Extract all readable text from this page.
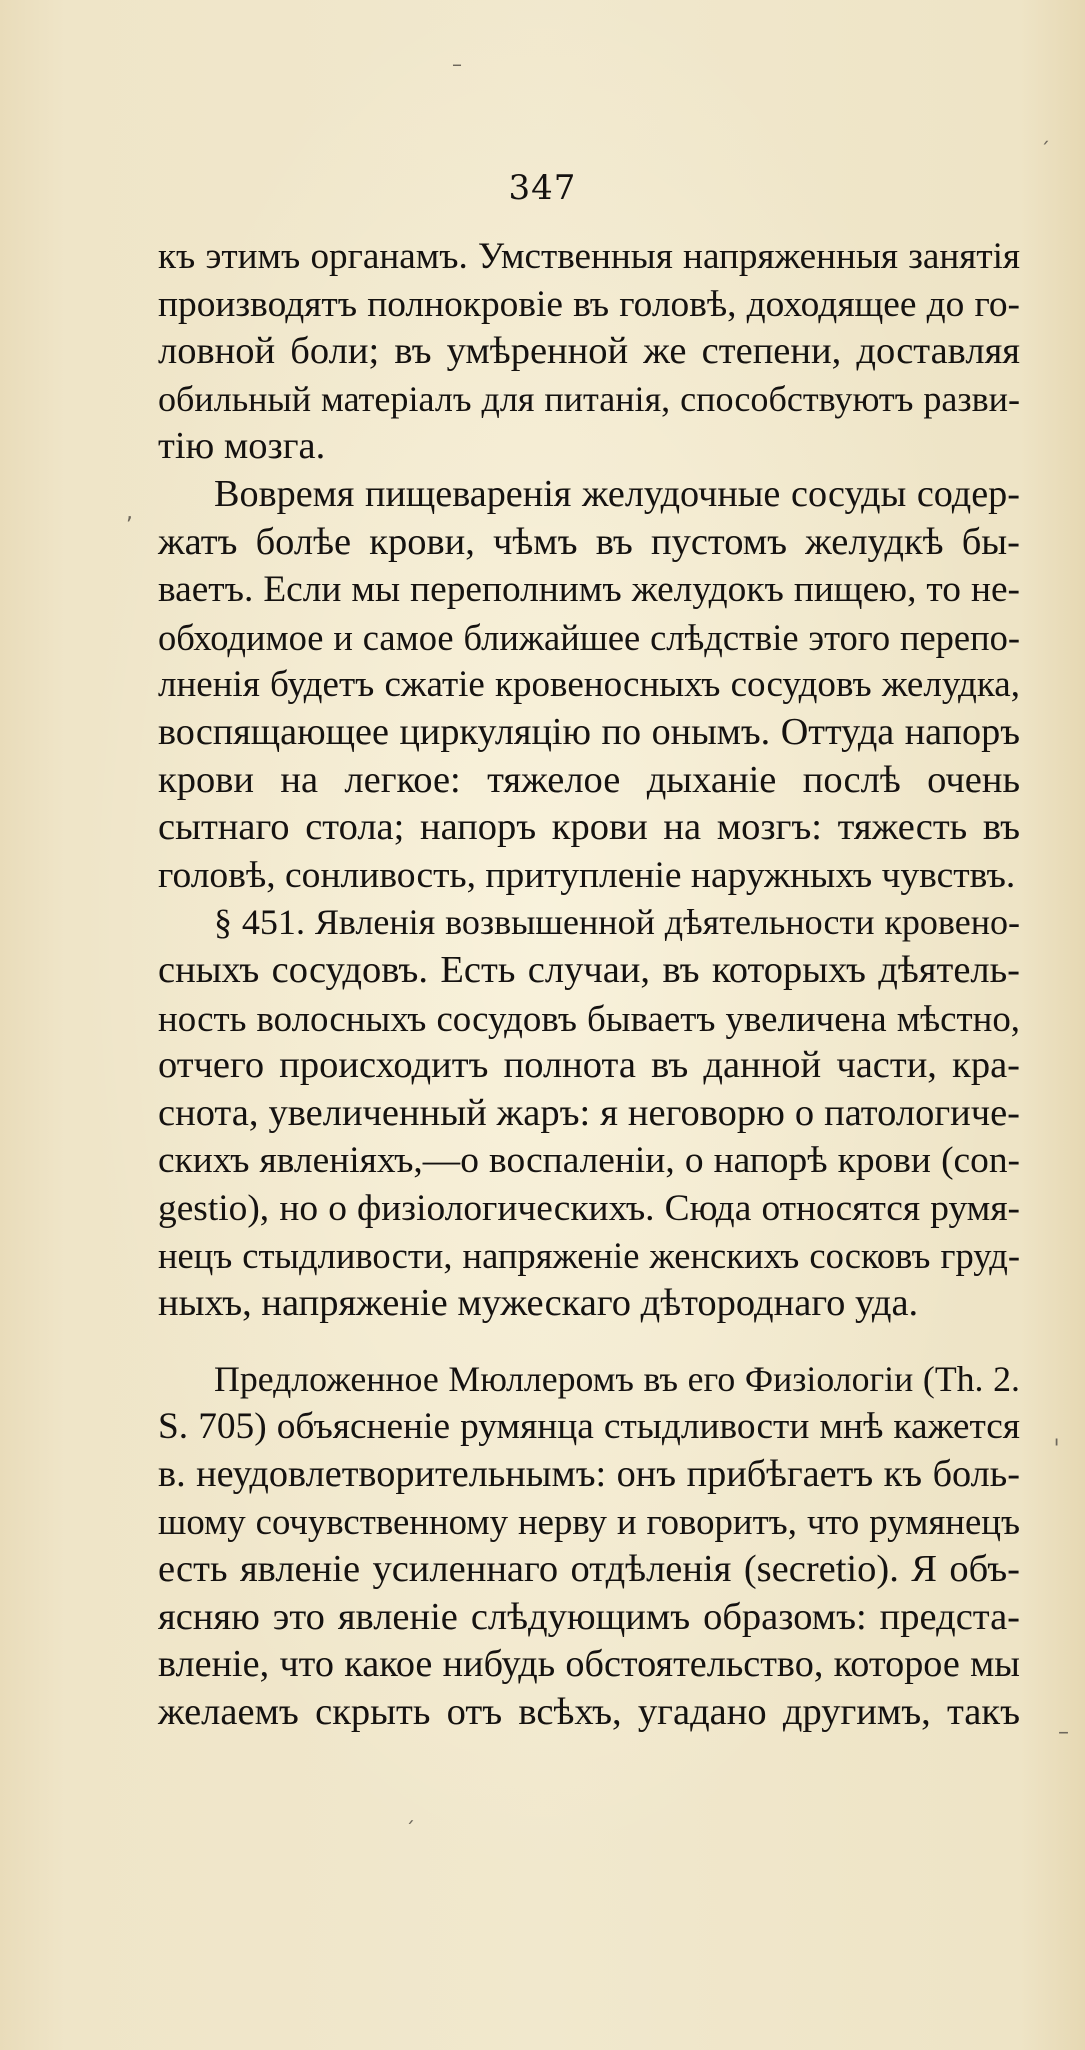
347
къ этимъ органамъ. Умственныя напряженныя занятія
производятъ полнокровіе въ головѣ, доходящее до го-
ловной боли; въ умѣренной же степени, доставляя
обильный матеріалъ для питанія, способствуютъ разви-
тію мозга.
Вовремя пищеваренія желудочные сосуды содер-
жатъ болѣе крови, чѣмъ въ пустомъ желудкѣ бы-
ваетъ. Если мы переполнимъ желудокъ пищею, то не-
обходимое и самое ближайшее слѣдствіе этого перепо-
лненія будетъ сжатіе кровеносныхъ сосудовъ желудка,
воспящающее циркуляцію по онымъ. Оттуда напоръ
крови на легкое: тяжелое дыханіе послѣ очень
сытнаго стола; напоръ крови на мозгъ: тяжесть въ
головѣ, сонливость, притупленіе наружныхъ чувствъ.
§ 451. Явленія возвышенной дѣятельности кровено-
сныхъ сосудовъ. Есть случаи, въ которыхъ дѣятель-
ность волосныхъ сосудовъ бываетъ увеличена мѣстно,
отчего происходитъ полнота въ данной части, кра-
снота, увеличенный жаръ: я неговорю о патологиче-
скихъ явленіяхъ,—о воспаленіи, о напорѣ крови (con-
gestio), но о физіологическихъ. Сюда относятся румя-
нецъ стыдливости, напряженіе женскихъ сосковъ груд-
ныхъ, напряженіе мужескаго дѣтороднаго уда.
Предложенное Мюллеромъ въ его Физіологіи (Th. 2.
S. 705) объясненіе румянца стыдливости мнѣ кажется
в. неудовлетворительнымъ: онъ прибѣгаетъ къ боль-
шому сочувственному нерву и говоритъ, что румянецъ
есть явленіе усиленнаго отдѣленія (secretio). Я объ-
ясняю это явленіе слѣдующимъ образомъ: предста-
вленіе, что какое нибудь обстоятельство, которое мы
желаемъ скрыть отъ всѣхъ, угадано другимъ, такъ
–
ˊ
,
ˈ
–
ˏ
